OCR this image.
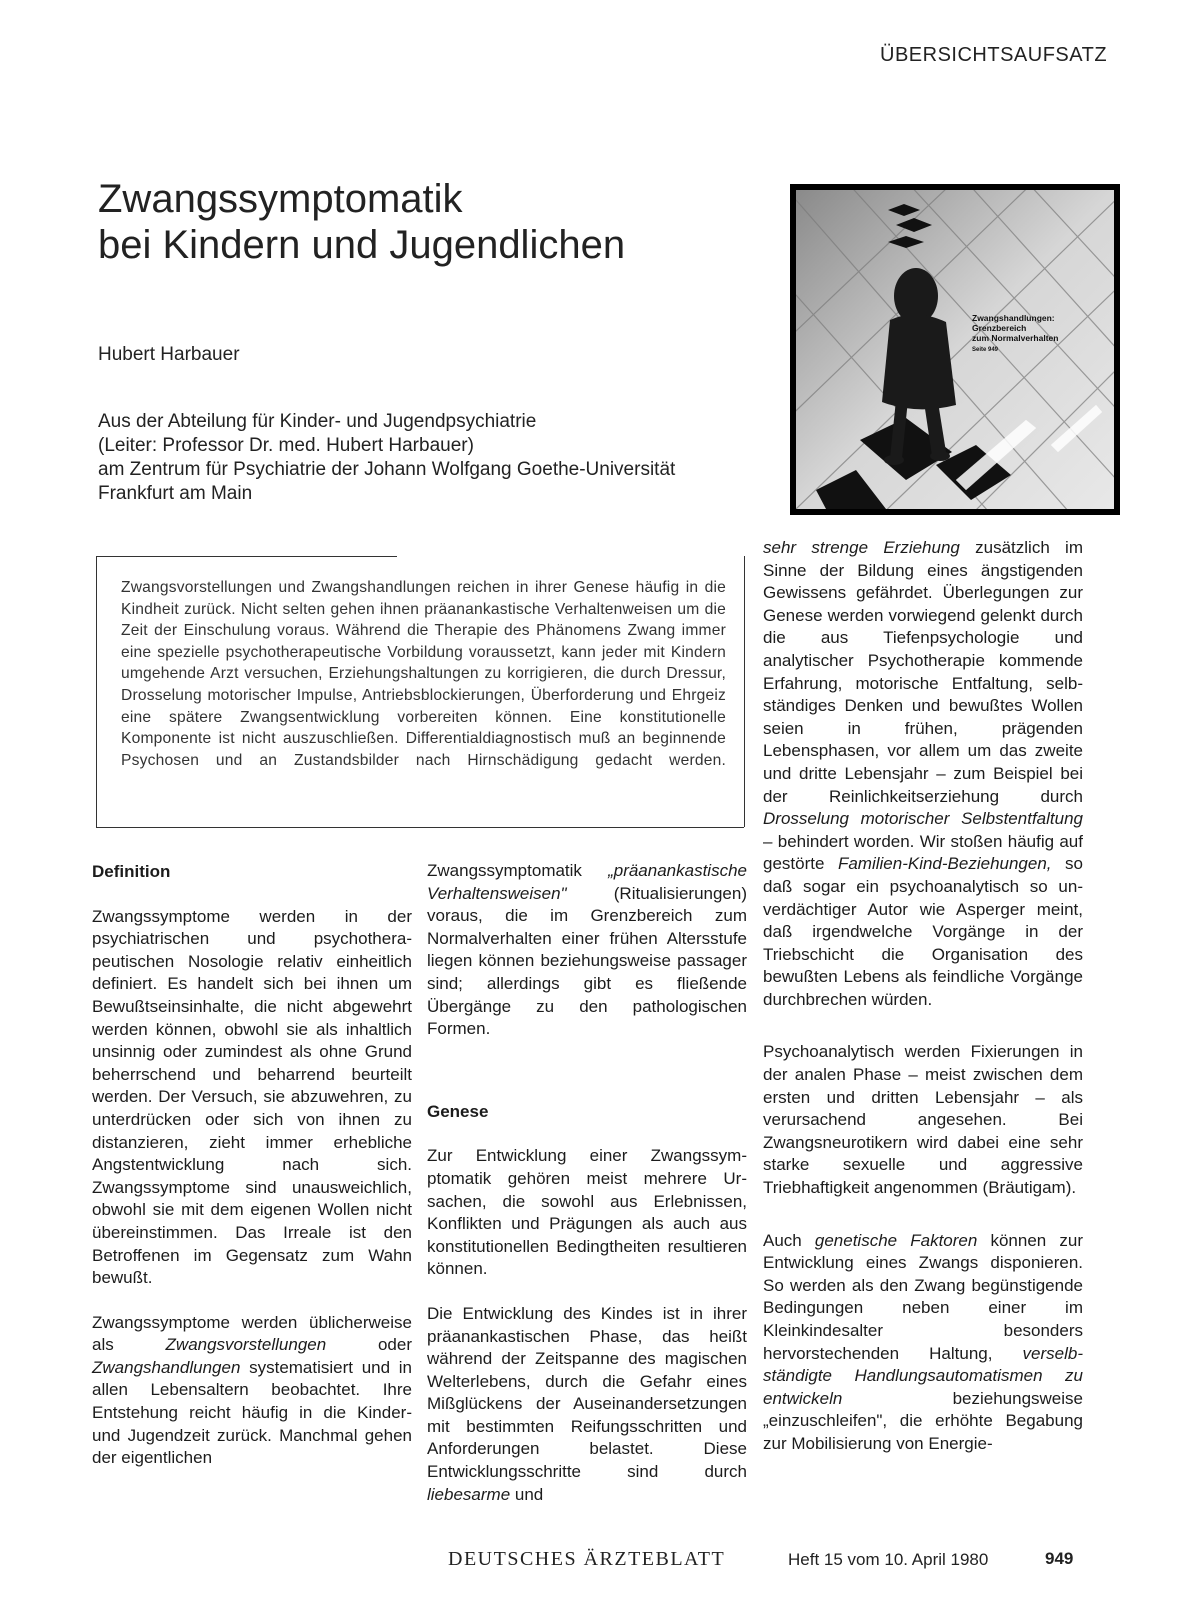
ÜBERSICHTSAUFSATZ
Zwangssymptomatik
bei Kindern und Jugendlichen
Hubert Harbauer
Aus der Abteilung für Kinder- und Jugendpsychiatrie
(Leiter: Professor Dr. med. Hubert Harbauer)
am Zentrum für Psychiatrie der Johann Wolfgang Goethe-Universität
Frankfurt am Main
Zwangshandlungen:
Grenzbereich
zum Normalverhalten
Seite 949
Zwangsvorstellungen und Zwangshandlungen reichen in ihrer Genese häufig in die Kindheit zurück. Nicht selten gehen ihnen präanankastische Verhaltenweisen um die Zeit der Einschulung voraus. Während die Therapie des Phänomens Zwang immer eine spezielle psychotherapeutische Vorbildung voraussetzt, kann jeder mit Kindern umgehende Arzt versuchen, Erziehungshaltungen zu korrigieren, die durch Dressur, Drosselung motorischer Impulse, Antriebsblockierungen, Überforderung und Ehrgeiz eine spätere Zwangsentwicklung vorbereiten können. Eine konstitutionelle Komponente ist nicht auszuschließen. Differentialdiagnostisch muß an beginnende Psychosen und an Zustandsbilder nach Hirnschädigung gedacht werden.
Definition

Zwangssymptome werden in der psychiatrischen und psychotherapeutischen Nosologie relativ einheitlich definiert. Es handelt sich bei ihnen um Bewußtseinsinhalte, die nicht abgewehrt werden können, obwohl sie als inhaltlich unsinnig oder zumindest als ohne Grund beherrschend und beharrend beurteilt werden. Der Versuch, sie abzuwehren, zu unterdrücken oder sich von ihnen zu distanzieren, zieht immer erhebliche Angstentwicklung nach sich. Zwangssymptome sind unausweichlich, obwohl sie mit dem eigenen Wollen nicht übereinstimmen. Das Irreale ist den Betroffenen im Gegensatz zum Wahn bewußt.

Zwangssymptome werden üblicherweise als Zwangsvorstellungen oder Zwangshandlungen systematisiert und in allen Lebensaltern beobachtet. Ihre Entstehung reicht häufig in die Kinder- und Jugendzeit zurück. Manchmal gehen der eigentlichen

Zwangssymptomatik „präanankastische Verhaltensweisen" (Ritualisierungen) voraus, die im Grenzbereich zum Normalverhalten einer frühen Altersstufe liegen können beziehungsweise passager sind; allerdings gibt es fließende Übergänge zu den pathologischen Formen.

Genese

Zur Entwicklung einer Zwangssymptomatik gehören meist mehrere Ursachen, die sowohl aus Erlebnissen, Konflikten und Prägungen als auch aus konstitutionellen Bedingtheiten resultieren können.

Die Entwicklung des Kindes ist in ihrer präanankastischen Phase, das heißt während der Zeitspanne des magischen Welterlebens, durch die Gefahr eines Mißglückens der Auseinandersetzungen mit bestimmten Reifungsschritten und Anforderungen belastet. Diese Entwicklungsschritte sind durch liebesarme und

sehr strenge Erziehung zusätzlich im Sinne der Bildung eines ängstigenden Gewissens gefährdet. Überlegungen zur Genese werden vorwiegend gelenkt durch die aus Tiefenpsychologie und analytischer Psychotherapie kommende Erfahrung, motorische Entfaltung, selbständiges Denken und bewußtes Wollen seien in frühen, prägenden Lebensphasen, vor allem um das zweite und dritte Lebensjahr – zum Beispiel bei der Reinlichkeitserziehung durch Drosselung motorischer Selbstentfaltung – behindert worden. Wir stoßen häufig auf gestörte Familien-Kind-Beziehungen, so daß sogar ein psychoanalytisch so unverdächtiger Autor wie Asperger meint, daß irgendwelche Vorgänge in der Triebschicht die Organisation des bewußten Lebens als feindliche Vorgänge durchbrechen würden.

Psychoanalytisch werden Fixierungen in der analen Phase – meist zwischen dem ersten und dritten Lebensjahr – als verursachend angesehen. Bei Zwangsneurotikern wird dabei eine sehr starke sexuelle und aggressive Triebhaftigkeit angenommen (Bräutigam).

Auch genetische Faktoren können zur Entwicklung eines Zwangs disponieren. So werden als den Zwang begünstigende Bedingungen neben einer im Kleinkindesalter besonders hervorstechenden Haltung, verselbständigte Handlungsautomatismen zu entwickeln beziehungsweise „einzuschleifen", die erhöhte Begabung zur Mobilisierung von Energie-

DEUTSCHES ÄRZTEBLATT	Heft 15 vom 10. April 1980	949
